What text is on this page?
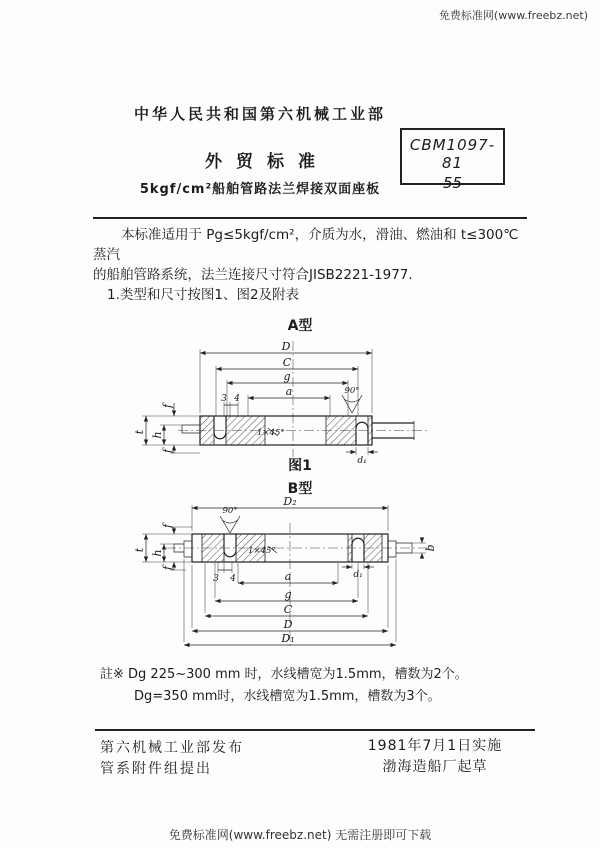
免费标准网(www.freebz.net)
中华人民共和国第六机械工业部
外贸标准
5kgf/cm²船舶管路法兰焊接双面座板
CBM1097-81
55
本标准适用于 Pg≤5kgf/cm²，介质为水，滑油、燃油和 t≤300℃ 蒸汽
的船舶管路系统，法兰连接尺寸符合JISB2221-1977.
1.类型和尺寸按图1、图2及附表
A型
1×45°
90°
D
C
g
a
3 4
t h
f
f
d₁
图1
B型
90°
1×45°
D₂
t h
f
f
b
d₁
3 4	a
g
C
D
D₁
註※ Dg 225~300 mm 时，水线槽宽为1.5mm，槽数为2个。
Dg=350 mm时，水线槽宽为1.5mm，槽数为3个。
第六机械工业部发布
管系附件组提出
1981年7月1日实施
渤海造船厂起草
免费标准网(www.freebz.net) 无需注册即可下载
